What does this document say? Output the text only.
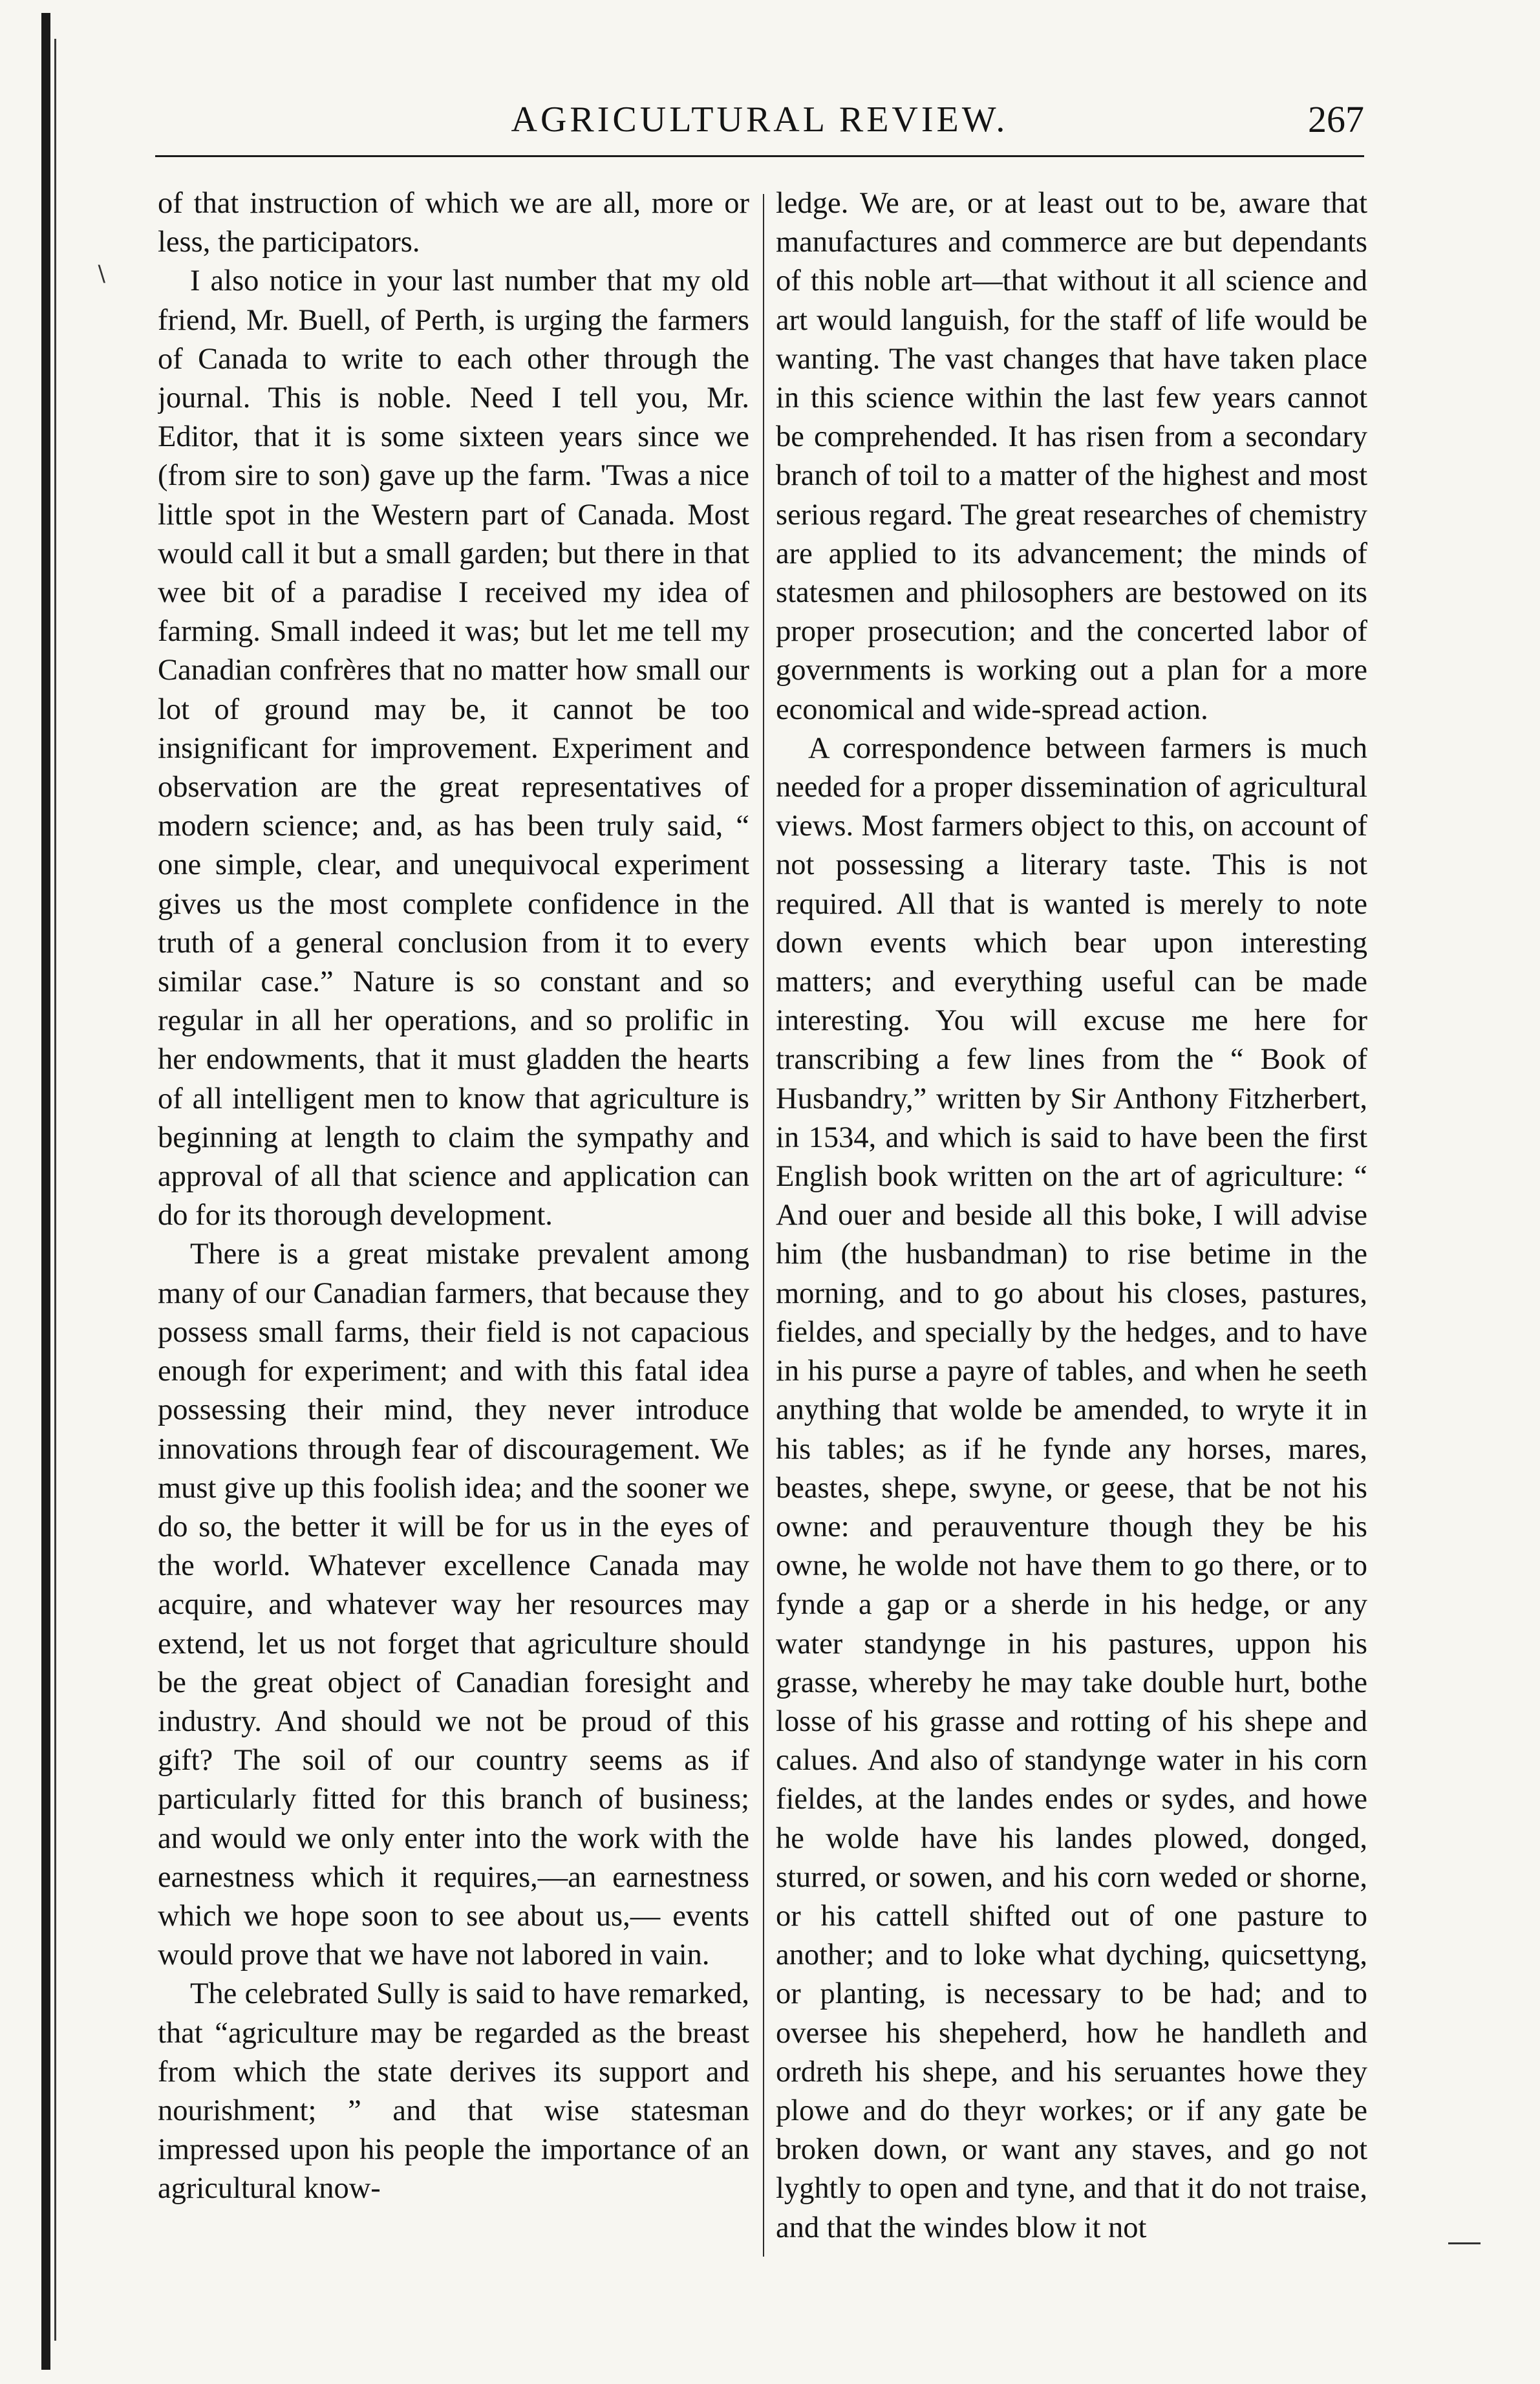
∖
AGRICULTURAL REVIEW.	267

of that instruction of which we are all, more or less, the participators.

I also notice in your last number that my old friend, Mr. Buell, of Perth, is urging the farmers of Canada to write to each other through the journal. This is noble. Need I tell you, Mr. Editor, that it is some sixteen years since we (from sire to son) gave up the farm. 'Twas a nice little spot in the Western part of Canada. Most would call it but a small garden; but there in that wee bit of a paradise I received my idea of farming. Small indeed it was; but let me tell my Canadian confrères that no matter how small our lot of ground may be, it cannot be too insignificant for improvement. Experiment and observation are the great representatives of modern science; and, as has been truly said, “ one simple, clear, and unequivocal experiment gives us the most complete confidence in the truth of a general conclusion from it to every similar case.” Nature is so constant and so regular in all her operations, and so prolific in her endowments, that it must gladden the hearts of all intelligent men to know that agriculture is beginning at length to claim the sympathy and approval of all that science and application can do for its thorough development.

There is a great mistake prevalent among many of our Canadian farmers, that because they possess small farms, their field is not capacious enough for experiment; and with this fatal idea possessing their mind, they never introduce innovations through fear of discouragement. We must give up this foolish idea; and the sooner we do so, the better it will be for us in the eyes of the world. Whatever excellence Canada may acquire, and whatever way her resources may extend, let us not forget that agriculture should be the great object of Canadian foresight and industry. And should we not be proud of this gift? The soil of our country seems as if particularly fitted for this branch of business; and would we only enter into the work with the earnestness which it requires,—an earnestness which we hope soon to see about us,— events would prove that we have not labored in vain.

The celebrated Sully is said to have remarked, that “agriculture may be regarded as the breast from which the state derives its support and nourishment; ” and that wise statesman impressed upon his people the importance of an agricultural know-

ledge. We are, or at least out to be, aware that manufactures and commerce are but dependants of this noble art—that without it all science and art would languish, for the staff of life would be wanting. The vast changes that have taken place in this science within the last few years cannot be comprehended. It has risen from a secondary branch of toil to a matter of the highest and most serious regard. The great researches of chemistry are applied to its advancement; the minds of statesmen and philosophers are bestowed on its proper prosecution; and the concerted labor of governments is working out a plan for a more economical and wide-spread action.

A correspondence between farmers is much needed for a proper dissemination of agricultural views. Most farmers object to this, on account of not possessing a literary taste. This is not required. All that is wanted is merely to note down events which bear upon interesting matters; and everything useful can be made interesting. You will excuse me here for transcribing a few lines from the “ Book of Husbandry,” written by Sir Anthony Fitzherbert, in 1534, and which is said to have been the first English book written on the art of agriculture: “ And ouer and beside all this boke, I will advise him (the husbandman) to rise betime in the morning, and to go about his closes, pastures, fieldes, and specially by the hedges, and to have in his purse a payre of tables, and when he seeth anything that wolde be amended, to wryte it in his tables; as if he fynde any horses, mares, beastes, shepe, swyne, or geese, that be not his owne: and perauventure though they be his owne, he wolde not have them to go there, or to fynde a gap or a sherde in his hedge, or any water standynge in his pastures, uppon his grasse, whereby he may take double hurt, bothe losse of his grasse and rotting of his shepe and calues. And also of standynge water in his corn fieldes, at the landes endes or sydes, and howe he wolde have his landes plowed, donged, sturred, or sowen, and his corn weded or shorne, or his cattell shifted out of one pasture to another; and to loke what dyching, quicsettyng, or planting, is necessary to be had; and to oversee his shepeherd, how he handleth and ordreth his shepe, and his seruantes howe they plowe and do theyr workes; or if any gate be broken down, or want any staves, and go not lyghtly to open and tyne, and that it do not traise, and that the windes blow it not
